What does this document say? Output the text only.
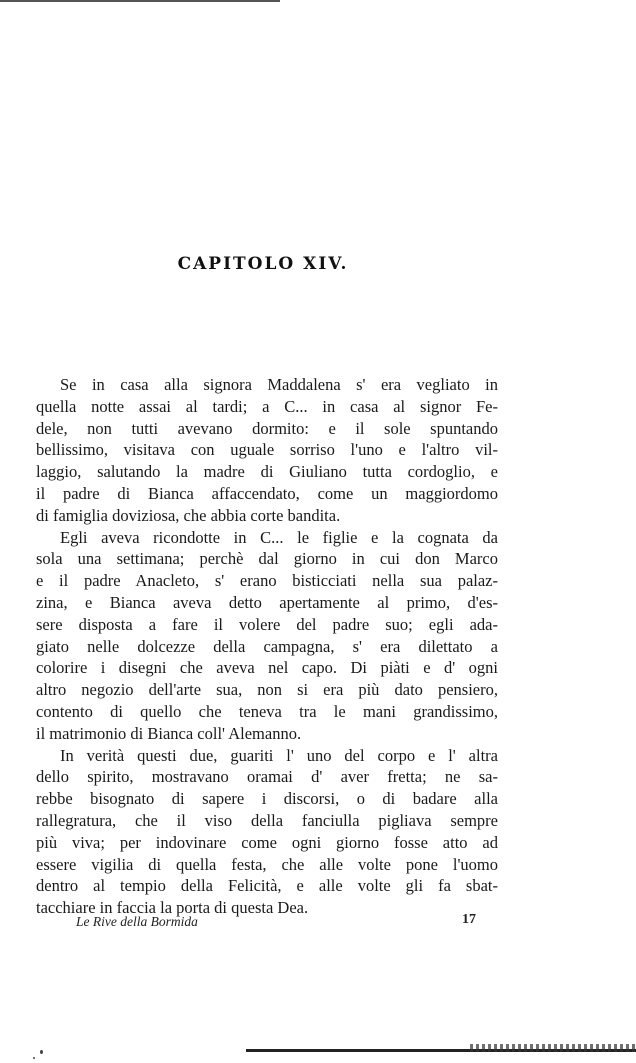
CAPITOLO XIV.
Se in casa alla signora Maddalena s' era vegliato in
quella notte assai al tardi; a C... in casa al signor Fe-
dele, non tutti avevano dormito: e il sole spuntando
bellissimo, visitava con uguale sorriso l'uno e l'altro vil-
laggio, salutando la madre di Giuliano tutta cordoglio, e
il padre di Bianca affaccendato, come un maggiordomo
di famiglia doviziosa, che abbia corte bandita.
Egli aveva ricondotte in C... le figlie e la cognata da
sola una settimana; perchè dal giorno in cui don Marco
e il padre Anacleto, s' erano bisticciati nella sua palaz-
zina, e Bianca aveva detto apertamente al primo, d'es-
sere disposta a fare il volere del padre suo; egli ada-
giato nelle dolcezze della campagna, s' era dilettato a
colorire i disegni che aveva nel capo. Di piàti e d' ogni
altro negozio dell'arte sua, non si era più dato pensiero,
contento di quello che teneva tra le mani grandissimo,
il matrimonio di Bianca coll' Alemanno.
In verità questi due, guariti l' uno del corpo e l' altra
dello spirito, mostravano oramai d' aver fretta; ne sa-
rebbe bisognato di sapere i discorsi, o di badare alla
rallegratura, che il viso della fanciulla pigliava sempre
più viva; per indovinare come ogni giorno fosse atto ad
essere vigilia di quella festa, che alle volte pone l'uomo
dentro al tempio della Felicità, e alle volte gli fa sbat-
tacchiare in faccia la porta di questa Dea.
Le Rive della Bormida	17
